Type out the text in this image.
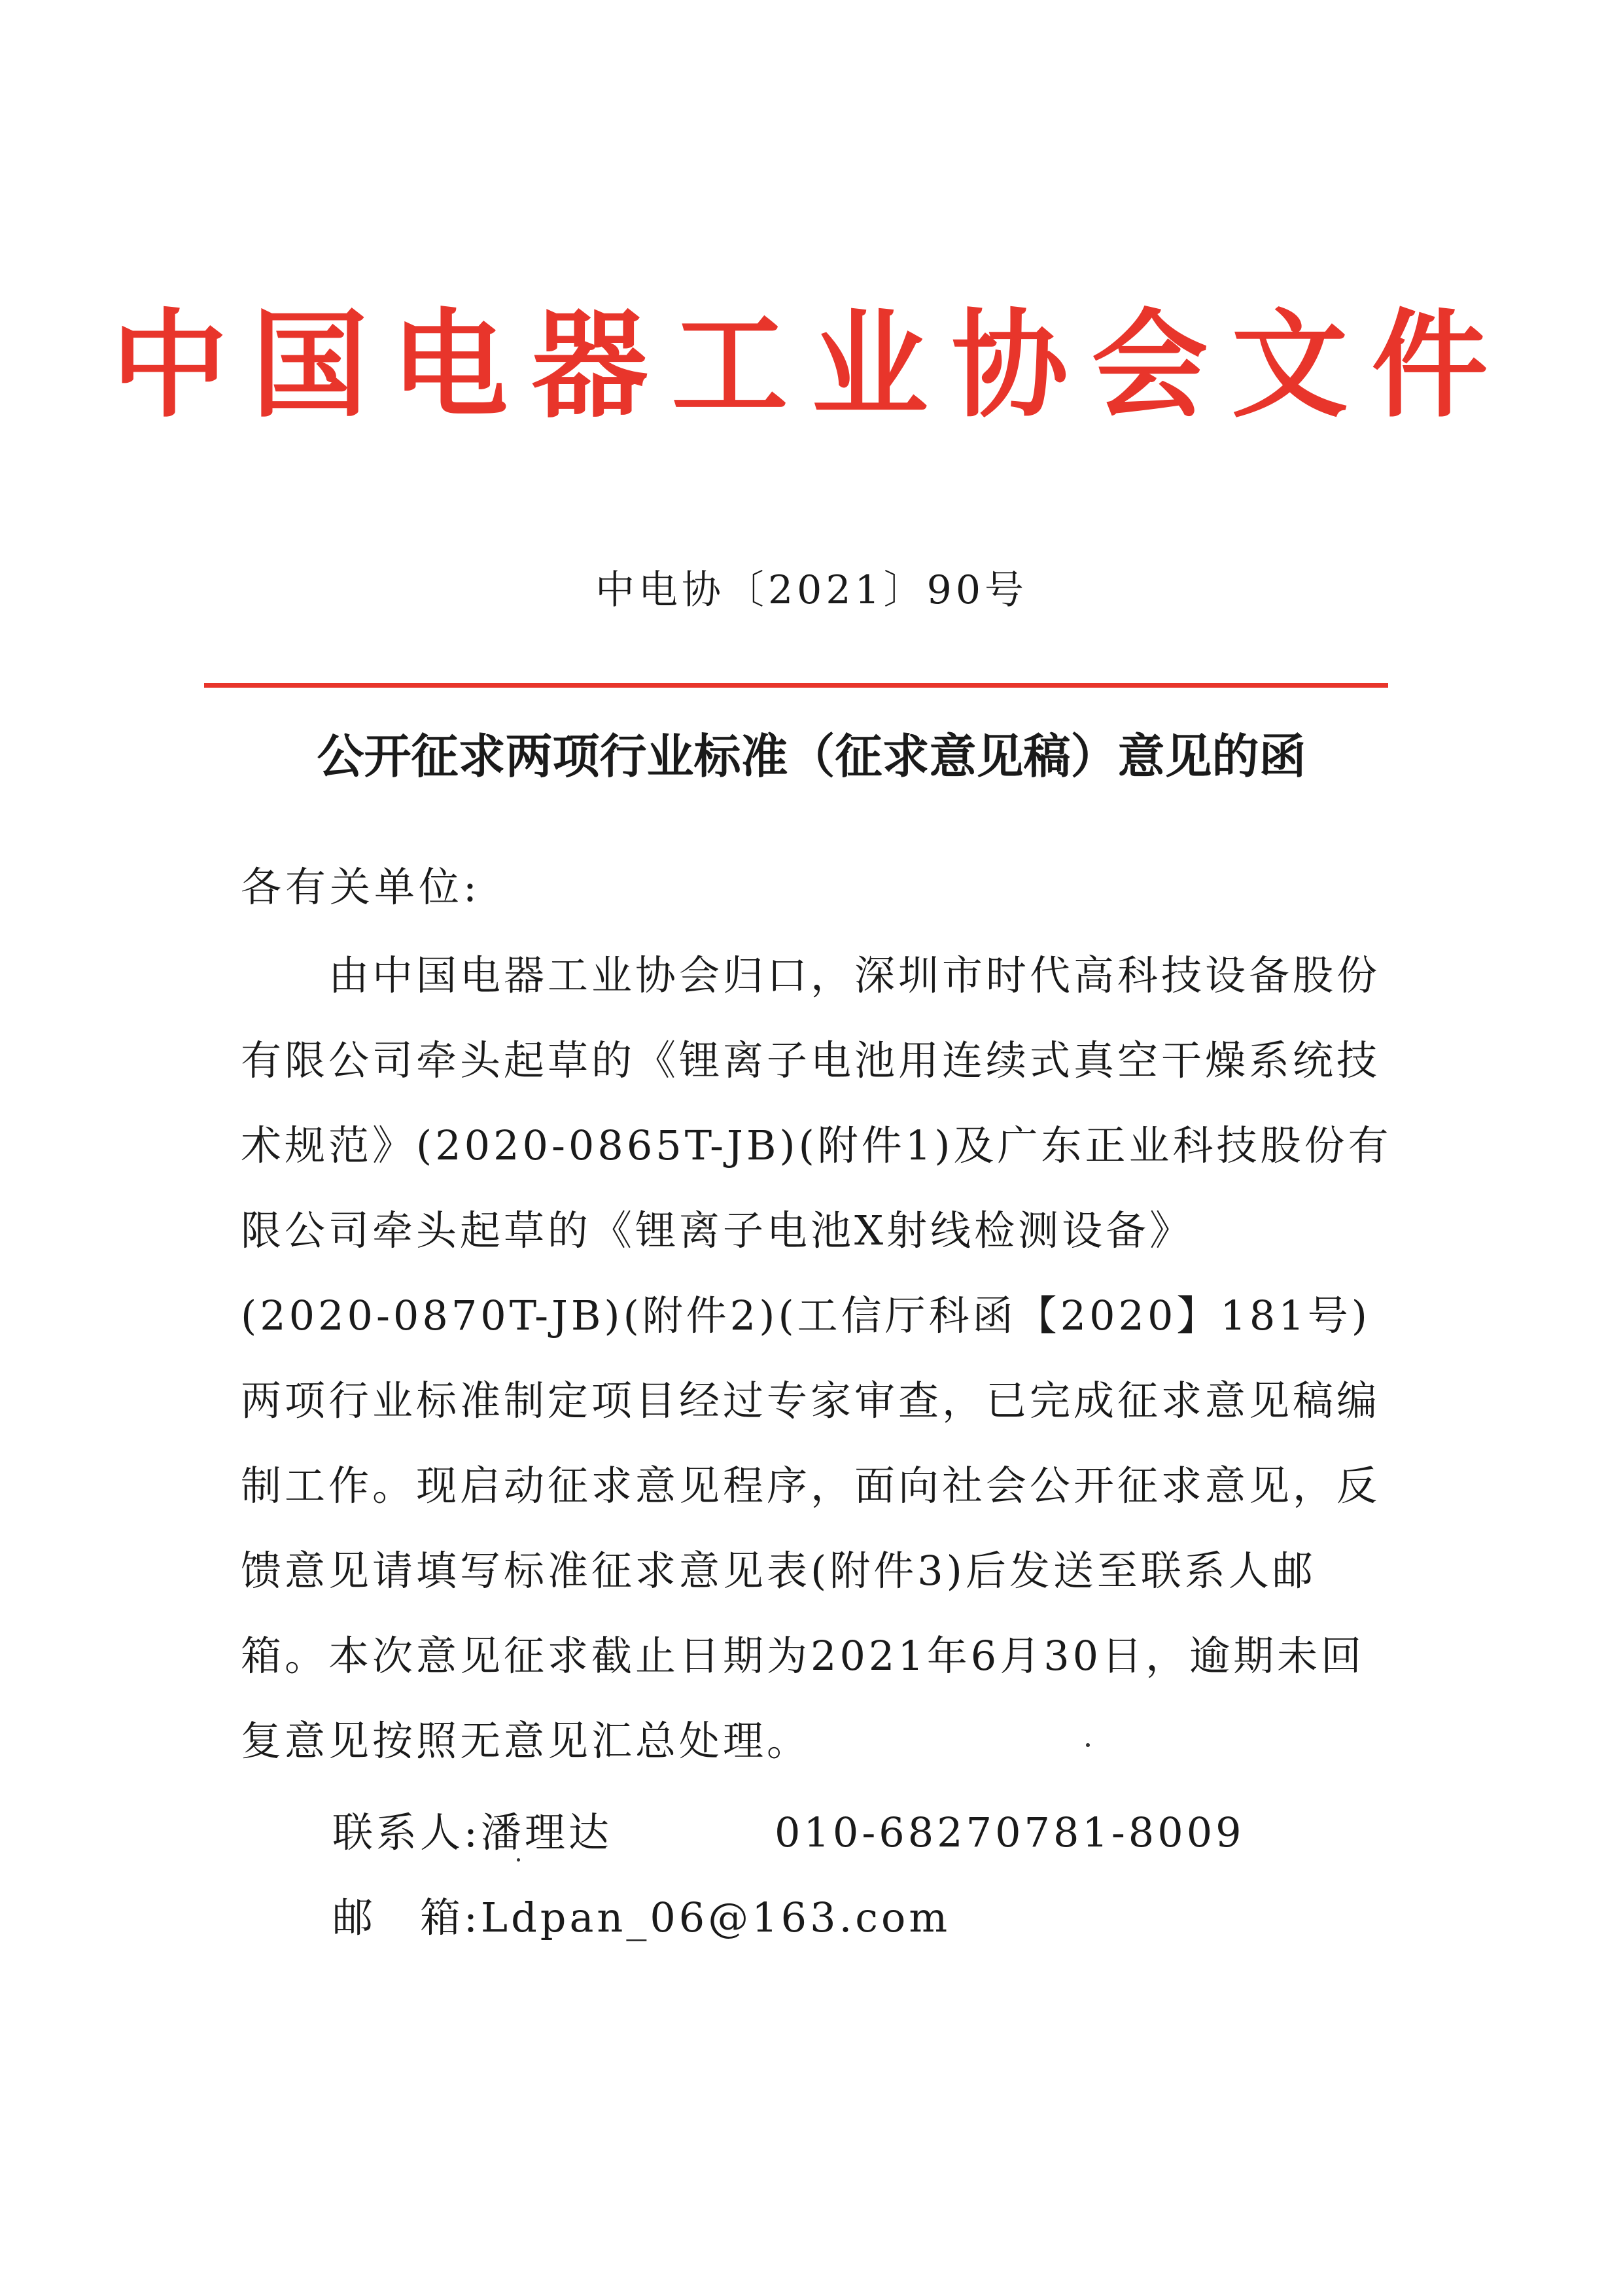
中国电器工业协会文件
中电协〔2021〕90号
公开征求两项行业标准（征求意见稿）意见的函
各有关单位:
　　由中国电器工业协会归口，深圳市时代高科技设备股份
有限公司牵头起草的《锂离子电池用连续式真空干燥系统技
术规范》(2020-0865T-JB)(附件1)及广东正业科技股份有
限公司牵头起草的《锂离子电池X射线检测设备》
(2020-0870T-JB)(附件2)(工信厅科函【2020】181号)
两项行业标准制定项目经过专家审查，已完成征求意见稿编
制工作。现启动征求意见程序，面向社会公开征求意见，反
馈意见请填写标准征求意见表(附件3)后发送至联系人邮
箱。本次意见征求截止日期为2021年6月30日，逾期未回
复意见按照无意见汇总处理。
联系人:潘理达	010-68270781-8009
邮　箱:Ldpan_06@163.com
